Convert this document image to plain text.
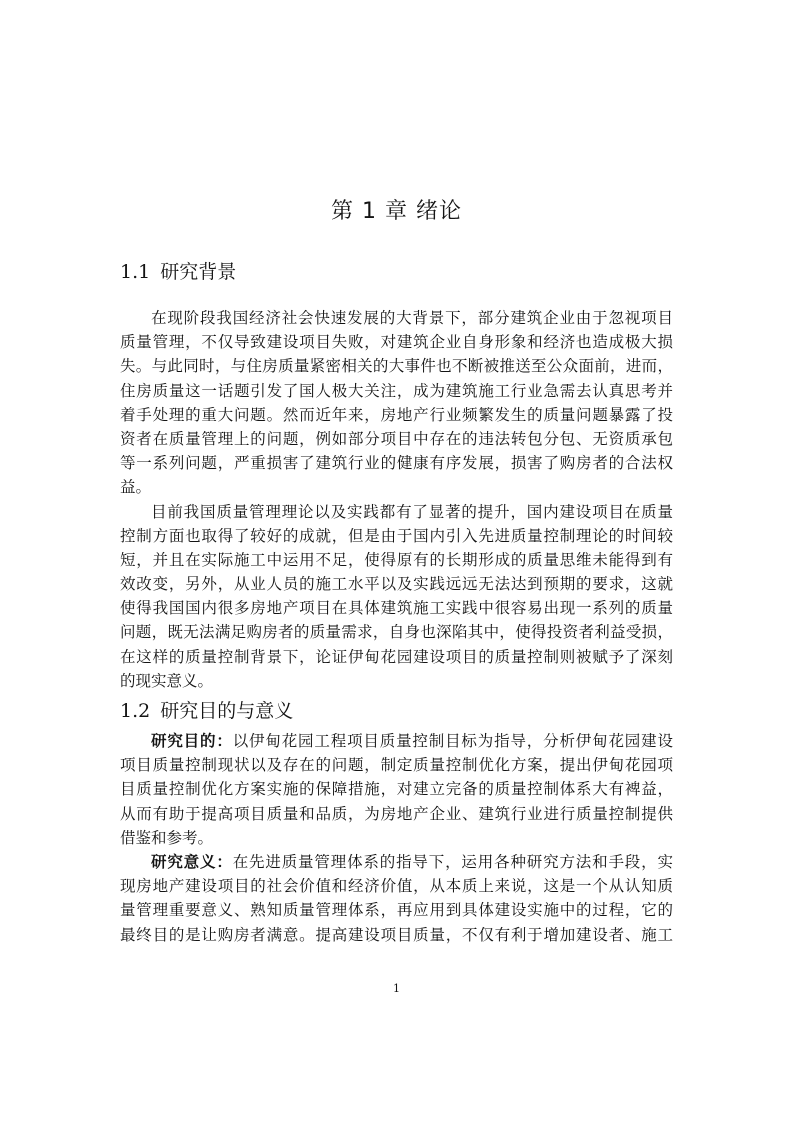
第 1 章 绪论
1.1 研究背景
在现阶段我国经济社会快速发展的大背景下，部分建筑企业由于忽视项目
质量管理，不仅导致建设项目失败，对建筑企业自身形象和经济也造成极大损
失。与此同时，与住房质量紧密相关的大事件也不断被推送至公众面前，进而，
住房质量这一话题引发了国人极大关注，成为建筑施工行业急需去认真思考并
着手处理的重大问题。然而近年来，房地产行业频繁发生的质量问题暴露了投
资者在质量管理上的问题，例如部分项目中存在的违法转包分包、无资质承包
等一系列问题，严重损害了建筑行业的健康有序发展，损害了购房者的合法权
益。
目前我国质量管理理论以及实践都有了显著的提升，国内建设项目在质量
控制方面也取得了较好的成就，但是由于国内引入先进质量控制理论的时间较
短，并且在实际施工中运用不足，使得原有的长期形成的质量思维未能得到有
效改变，另外，从业人员的施工水平以及实践远远无法达到预期的要求，这就
使得我国国内很多房地产项目在具体建筑施工实践中很容易出现一系列的质量
问题，既无法满足购房者的质量需求，自身也深陷其中，使得投资者利益受损，
在这样的质量控制背景下，论证伊甸花园建设项目的质量控制则被赋予了深刻
的现实意义。
1.2 研究目的与意义
研究目的：以伊甸花园工程项目质量控制目标为指导，分析伊甸花园建设
项目质量控制现状以及存在的问题，制定质量控制优化方案，提出伊甸花园项
目质量控制优化方案实施的保障措施，对建立完备的质量控制体系大有裨益，
从而有助于提高项目质量和品质，为房地产企业、建筑行业进行质量控制提供
借鉴和参考。
研究意义：在先进质量管理体系的指导下，运用各种研究方法和手段，实
现房地产建设项目的社会价值和经济价值，从本质上来说，这是一个从认知质
量管理重要意义、熟知质量管理体系，再应用到具体建设实施中的过程，它的
最终目的是让购房者满意。提高建设项目质量，不仅有利于增加建设者、施工
1
